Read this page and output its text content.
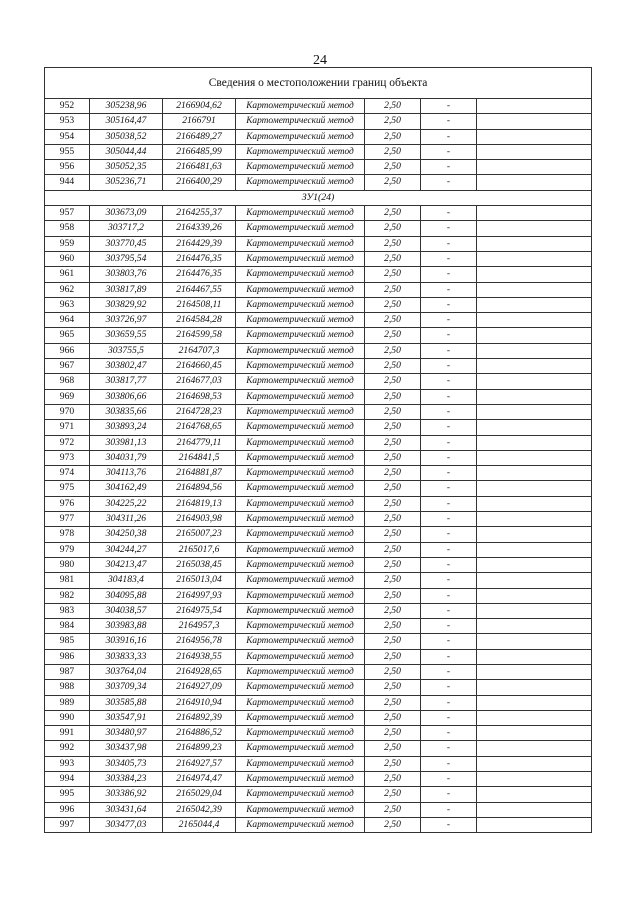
24
Сведения о местоположении границ объекта						
952	305238,96	2166904,62	Картометрический метод	2,50	-	
953	305164,47	2166791	Картометрический метод	2,50	-	
954	305038,52	2166489,27	Картометрический метод	2,50	-	
955	305044,44	2166485,99	Картометрический метод	2,50	-	
956	305052,35	2166481,63	Картометрический метод	2,50	-	
944	305236,71	2166400,29	Картометрический метод	2,50	-	
ЗУ1(24)						
957	303673,09	2164255,37	Картометрический метод	2,50	-	
958	303717,2	2164339,26	Картометрический метод	2,50	-	
959	303770,45	2164429,39	Картометрический метод	2,50	-	
960	303795,54	2164476,35	Картометрический метод	2,50	-	
961	303803,76	2164476,35	Картометрический метод	2,50	-	
962	303817,89	2164467,55	Картометрический метод	2,50	-	
963	303829,92	2164508,11	Картометрический метод	2,50	-	
964	303726,97	2164584,28	Картометрический метод	2,50	-	
965	303659,55	2164599,58	Картометрический метод	2,50	-	
966	303755,5	2164707,3	Картометрический метод	2,50	-	
967	303802,47	2164660,45	Картометрический метод	2,50	-	
968	303817,77	2164677,03	Картометрический метод	2,50	-	
969	303806,66	2164698,53	Картометрический метод	2,50	-	
970	303835,66	2164728,23	Картометрический метод	2,50	-	
971	303893,24	2164768,65	Картометрический метод	2,50	-	
972	303981,13	2164779,11	Картометрический метод	2,50	-	
973	304031,79	2164841,5	Картометрический метод	2,50	-	
974	304113,76	2164881,87	Картометрический метод	2,50	-	
975	304162,49	2164894,56	Картометрический метод	2,50	-	
976	304225,22	2164819,13	Картометрический метод	2,50	-	
977	304311,26	2164903,98	Картометрический метод	2,50	-	
978	304250,38	2165007,23	Картометрический метод	2,50	-	
979	304244,27	2165017,6	Картометрический метод	2,50	-	
980	304213,47	2165038,45	Картометрический метод	2,50	-	
981	304183,4	2165013,04	Картометрический метод	2,50	-	
982	304095,88	2164997,93	Картометрический метод	2,50	-	
983	304038,57	2164975,54	Картометрический метод	2,50	-	
984	303983,88	2164957,3	Картометрический метод	2,50	-	
985	303916,16	2164956,78	Картометрический метод	2,50	-	
986	303833,33	2164938,55	Картометрический метод	2,50	-	
987	303764,04	2164928,65	Картометрический метод	2,50	-	
988	303709,34	2164927,09	Картометрический метод	2,50	-	
989	303585,88	2164910,94	Картометрический метод	2,50	-	
990	303547,91	2164892,39	Картометрический метод	2,50	-	
991	303480,97	2164886,52	Картометрический метод	2,50	-	
992	303437,98	2164899,23	Картометрический метод	2,50	-	
993	303405,73	2164927,57	Картометрический метод	2,50	-	
994	303384,23	2164974,47	Картометрический метод	2,50	-	
995	303386,92	2165029,04	Картометрический метод	2,50	-	
996	303431,64	2165042,39	Картометрический метод	2,50	-	
997	303477,03	2165044,4	Картометрический метод	2,50	-	
